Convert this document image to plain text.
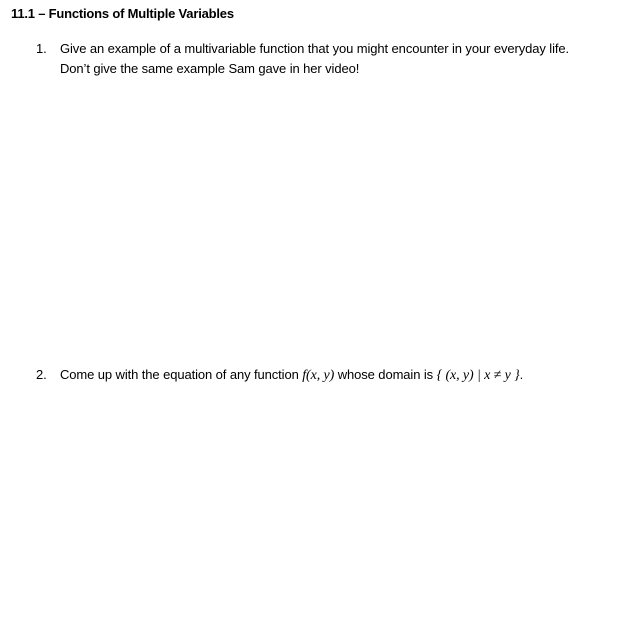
11.1 – Functions of Multiple Variables
1. Give an example of a multivariable function that you might encounter in your everyday life.
Don’t give the same example Sam gave in her video!
2. Come up with the equation of any function f(x, y) whose domain is { (x, y) | x ≠ y }.
